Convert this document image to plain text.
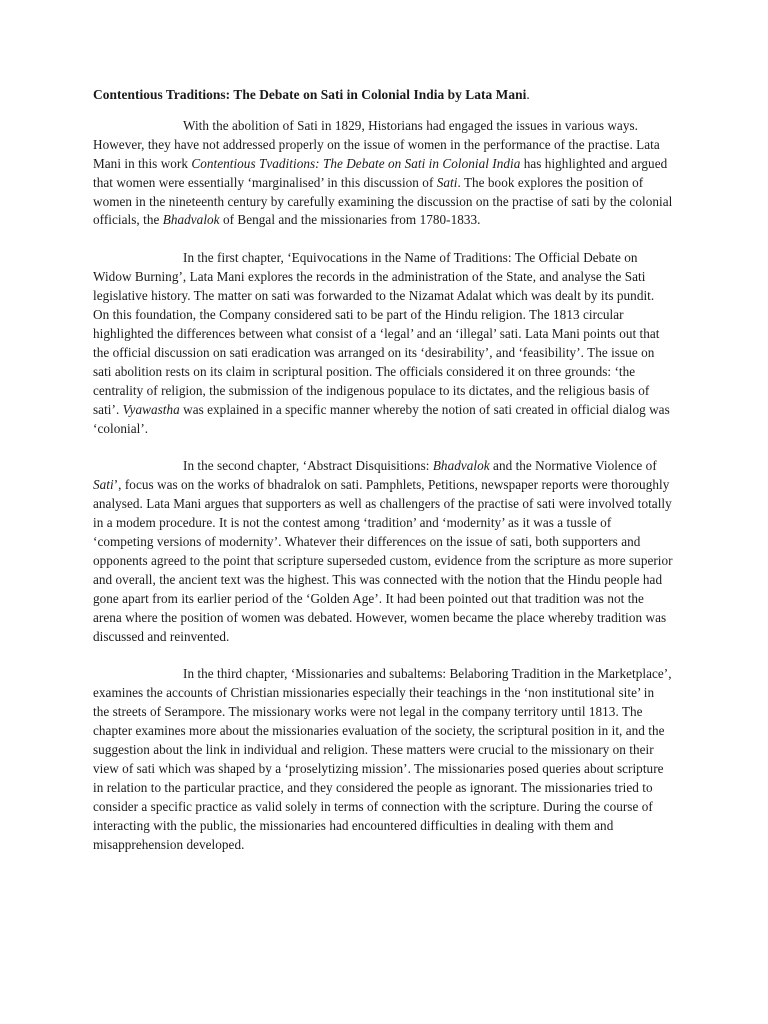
Contentious Traditions: The Debate on Sati in Colonial India by Lata Mani.

With the abolition of Sati in 1829, Historians had engaged the issues in various ways. However, they have not addressed properly on the issue of women in the performance of the practise. Lata Mani in this work Contentious Tvaditions: The Debate on Sati in Colonial India has highlighted and argued that women were essentially ‘marginalised’ in this discussion of Sati. The book explores the position of women in the nineteenth century by carefully examining the discussion on the practise of sati by the colonial officials, the Bhadvalok of Bengal and the missionaries from 1780-1833.

In the first chapter, ‘Equivocations in the Name of Traditions: The Official Debate on Widow Burning’, Lata Mani explores the records in the administration of the State, and analyse the Sati legislative history. The matter on sati was forwarded to the Nizamat Adalat which was dealt by its pundit. On this foundation, the Company considered sati to be part of the Hindu religion. The 1813 circular highlighted the differences between what consist of a ‘legal’ and an ‘illegal’ sati. Lata Mani points out that the official discussion on sati eradication was arranged on its ‘desirability’, and ‘feasibility’. The issue on sati abolition rests on its claim in scriptural position. The officials considered it on three grounds: ‘the centrality of religion, the submission of the indigenous populace to its dictates, and the religious basis of sati’. Vyawastha was explained in a specific manner whereby the notion of sati created in official dialog was ‘colonial’.

In the second chapter, ‘Abstract Disquisitions: Bhadvalok and the Normative Violence of Sati’, focus was on the works of bhadralok on sati. Pamphlets, Petitions, newspaper reports were thoroughly analysed. Lata Mani argues that supporters as well as challengers of the practise of sati were involved totally in a modem procedure. It is not the contest among ‘tradition’ and ‘modernity’ as it was a tussle of ‘competing versions of modernity’. Whatever their differences on the issue of sati, both supporters and opponents agreed to the point that scripture superseded custom, evidence from the scripture as more superior and overall, the ancient text was the highest. This was connected with the notion that the Hindu people had gone apart from its earlier period of the ‘Golden Age’. It had been pointed out that tradition was not the arena where the position of women was debated. However, women became the place whereby tradition was discussed and reinvented.

In the third chapter, ‘Missionaries and subaltems: Belaboring Tradition in the Marketplace’, examines the accounts of Christian missionaries especially their teachings in the ‘non institutional site’ in the streets of Serampore. The missionary works were not legal in the company territory until 1813. The chapter examines more about the missionaries evaluation of the society, the scriptural position in it, and the suggestion about the link in individual and religion. These matters were crucial to the missionary on their view of sati which was shaped by a ‘proselytizing mission’. The missionaries posed queries about scripture in relation to the particular practice, and they considered the people as ignorant. The missionaries tried to consider a specific practice as valid solely in terms of connection with the scripture. During the course of interacting with the public, the missionaries had encountered difficulties in dealing with them and misapprehension developed.
